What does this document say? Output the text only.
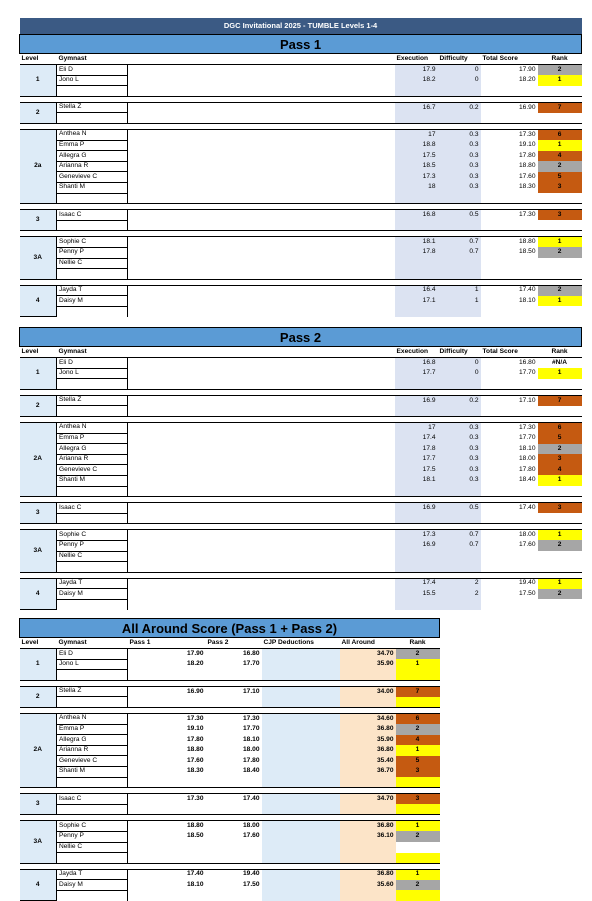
DGC Invitational 2025 - TUMBLE Levels 1-4						
Pass 1						
Level	Gymnast		Execution	Difficulty	Total Score	Rank
1	Eli D		17.9	0	17.90	2
	Jono L		18.2	0	18.20	1

2	Stella Z		16.7	0.2	16.90	7

2a	Anthea N		17	0.3	17.30	6
	Emma P		18.8	0.3	19.10	1
	Allegra G		17.5	0.3	17.80	4
	Arianna R		18.5	0.3	18.80	2
	Genevieve C		17.3	0.3	17.60	5
	Shanti M		18	0.3	18.30	3

3	Isaac C		16.8	0.5	17.30	3

3A	Sophie C		18.1	0.7	18.80	1
	Penny P		17.8	0.7	18.50	2
	Nellie C					

4	Jayda T		16.4	1	17.40	2
	Daisy M		17.1	1	18.10	1

Pass 2						
Level	Gymnast		Execution	Difficulty	Total Score	Rank
1	Eli D		16.8	0	16.80	#N/A
	Jono L		17.7	0	17.70	1

2	Stella Z		16.9	0.2	17.10	7

2A	Anthea N		17	0.3	17.30	6
	Emma P		17.4	0.3	17.70	5
	Allegra G		17.8	0.3	18.10	2
	Arianna R		17.7	0.3	18.00	3
	Genevieve C		17.5	0.3	17.80	4
	Shanti M		18.1	0.3	18.40	1

3	Isaac C		16.9	0.5	17.40	3

3A	Sophie C		17.3	0.7	18.00	1
	Penny P		16.9	0.7	17.60	2
	Nellie C					

4	Jayda T		17.4	2	19.40	1
	Daisy M		15.5	2	17.50	2

All Around Score (Pass 1 + Pass 2)						
Level	Gymnast	Pass 1	Pass 2	CJP Deductions	All Around	Rank
1	Eli D	17.90	16.80		34.70	2
	Jono L	18.20	17.70		35.90	1

2	Stella Z	16.90	17.10		34.00	7

2A	Anthea N	17.30	17.30		34.60	6
	Emma P	19.10	17.70		36.80	2
	Allegra G	17.80	18.10		35.90	4
	Arianna R	18.80	18.00		36.80	1
	Genevieve C	17.60	17.80		35.40	5
	Shanti M	18.30	18.40		36.70	3

3	Isaac C	17.30	17.40		34.70	3

3A	Sophie C	18.80	18.00		36.80	1
	Penny P	18.50	17.60		36.10	2
	Nellie C					

4	Jayda T	17.40	19.40		36.80	1
	Daisy M	18.10	17.50		35.60	2
